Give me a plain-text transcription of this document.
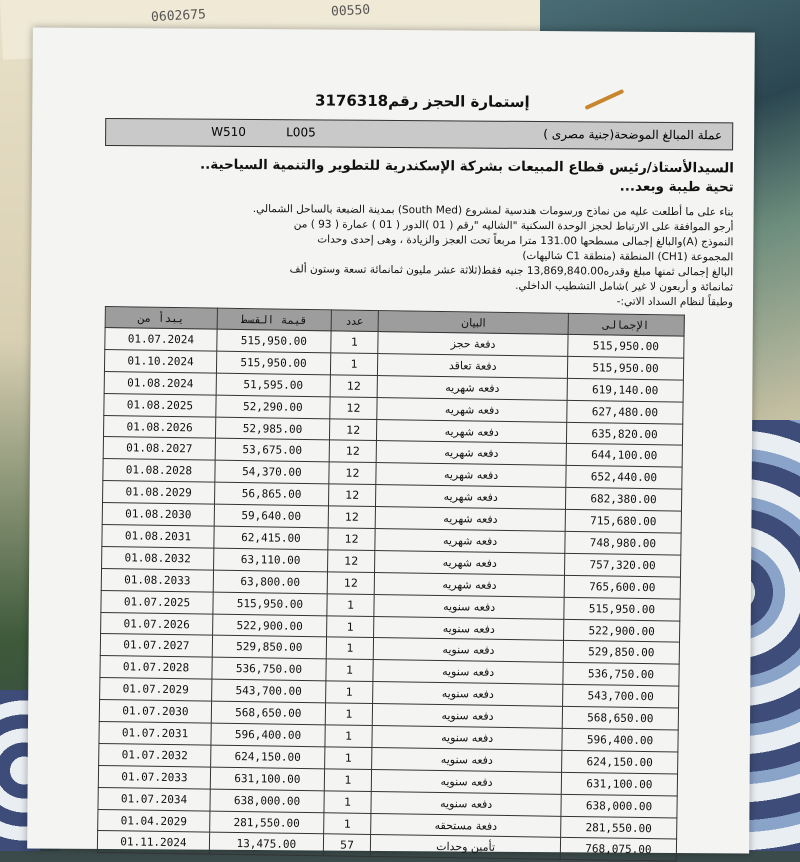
0602675	00550
إستمارة الحجز رقم3176318
عملة المبالغ الموضحة(جنية مصرى )
L005
W510
السيدالأستاذ/رئيس قطاع المبيعات بشركة الإسكندرية للتطوير والتنمية السياحية..
تحية طيبة وبعد...
بناء على ما أطلعت عليه من نماذج ورسومات هندسية لمشروع (South Med) بمدينة الضبعة بالساحل الشمالي.
أرجو الموافقة على الارتباط لحجز الوحدة السكنية "الشاليه "رقم ( 01 )الدور ( 01 ) عمارة ( 93 ) من
النموذج (A)والبالغ إجمالى مسطحها 131.00 مترا مربعاً تحت العجز والزيادة ، وهى إحدى وحدات
المجموعة (CH1) المنطقة (منطقة C1 شاليهات)
البالغ إجمالى ثمنها مبلغ وقدره13,869,840.00 جنيه فقط(ثلاثة عشر مليون ثمانمائة تسعة وستون ألف
ثمانمائة و أربعون لا غير )شامل التشطيب الداخلي.
وطبقاً لنظام السداد الاتي:-
يبدأ من	قيمة القسط	عدد	البيان	الإجمالى
01.07.2024	515,950.00	1	دفعة حجز	515,950.00
01.10.2024	515,950.00	1	دفعة تعاقد	515,950.00
01.08.2024	51,595.00	12	دفعه شهريه	619,140.00
01.08.2025	52,290.00	12	دفعه شهريه	627,480.00
01.08.2026	52,985.00	12	دفعه شهريه	635,820.00
01.08.2027	53,675.00	12	دفعه شهريه	644,100.00
01.08.2028	54,370.00	12	دفعه شهريه	652,440.00
01.08.2029	56,865.00	12	دفعه شهريه	682,380.00
01.08.2030	59,640.00	12	دفعه شهريه	715,680.00
01.08.2031	62,415.00	12	دفعه شهريه	748,980.00
01.08.2032	63,110.00	12	دفعه شهريه	757,320.00
01.08.2033	63,800.00	12	دفعه شهريه	765,600.00
01.07.2025	515,950.00	1	دفعه سنويه	515,950.00
01.07.2026	522,900.00	1	دفعه سنويه	522,900.00
01.07.2027	529,850.00	1	دفعه سنويه	529,850.00
01.07.2028	536,750.00	1	دفعه سنويه	536,750.00
01.07.2029	543,700.00	1	دفعه سنويه	543,700.00
01.07.2030	568,650.00	1	دفعه سنويه	568,650.00
01.07.2031	596,400.00	1	دفعه سنويه	596,400.00
01.07.2032	624,150.00	1	دفعه سنويه	624,150.00
01.07.2033	631,100.00	1	دفعه سنويه	631,100.00
01.07.2034	638,000.00	1	دفعه سنويه	638,000.00
01.04.2029	281,550.00	1	دفعة مستحقه	281,550.00
01.11.2024	13,475.00	57	تأمين وحدات	768,075.00
